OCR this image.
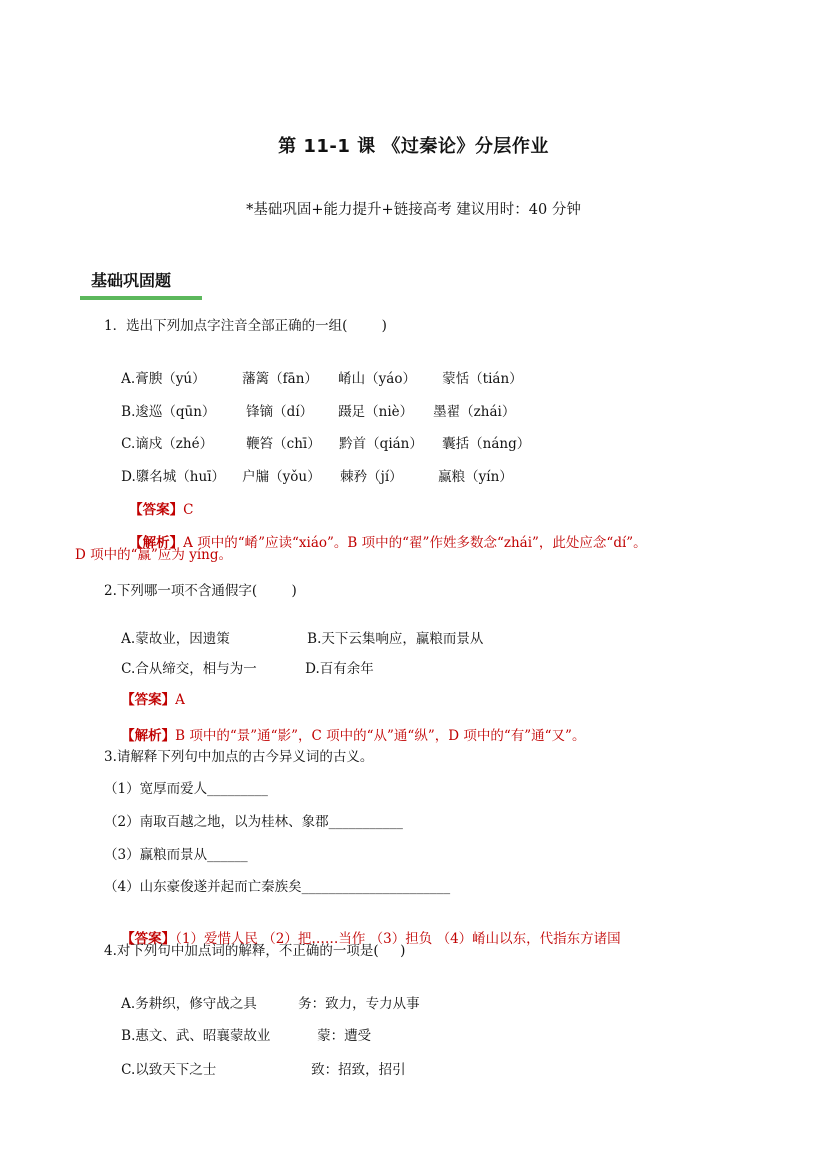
第 11-1 课 《过秦论》分层作业
*基础巩固+能力提升+链接高考 建议用时：40 分钟
基础巩固题
1．选出下列加点字注音全部正确的一组(        )

A.膏腴（yú）	藩篱（fān） 崤山（yáo） 蒙恬（tián）

B.逡巡（qūn） 锋镝（dí） 蹑足（niè） 墨翟（zhái）

C.谪戍（zhé） 鞭笞（chī） 黔首（qián） 囊括（náng）

D.隳名城（huī） 户牖（yǒu） 棘矜（jí）	赢粮（yín）

【答案】C

【解析】A 项中的“崤”应读“xiáo”。B 项中的“翟”作姓多数念“zhái”，此处应念“dí”。

D 项中的“赢”应为 yíng。
2.下列哪一项不含通假字(        )

A.蒙故业，因遗策	B.天下云集响应，赢粮而景从

C.合从缔交，相与为一	D.百有余年

【答案】A

【解析】B 项中的“景”通“影”，C 项中的“从”通“纵”，D 项中的“有”通“又”。

3.请解释下列句中加点的古今异义词的古义。
（1）宽厚而爱人_________
（2）南取百越之地，以为桂林、象郡___________
（3）赢粮而景从______
（4）山东豪俊遂并起而亡秦族矣______________________

【答案】（1）爱惜人民 （2）把……当作 （3）担负 （4）崤山以东，代指东方诸国

4.对下列句中加点词的解释，不正确的一项是(     )

A.务耕织，修守战之具	务：致力，专力从事

B.惠文、武、昭襄蒙故业	蒙：遭受

C.以致天下之士	致：招致，招引
